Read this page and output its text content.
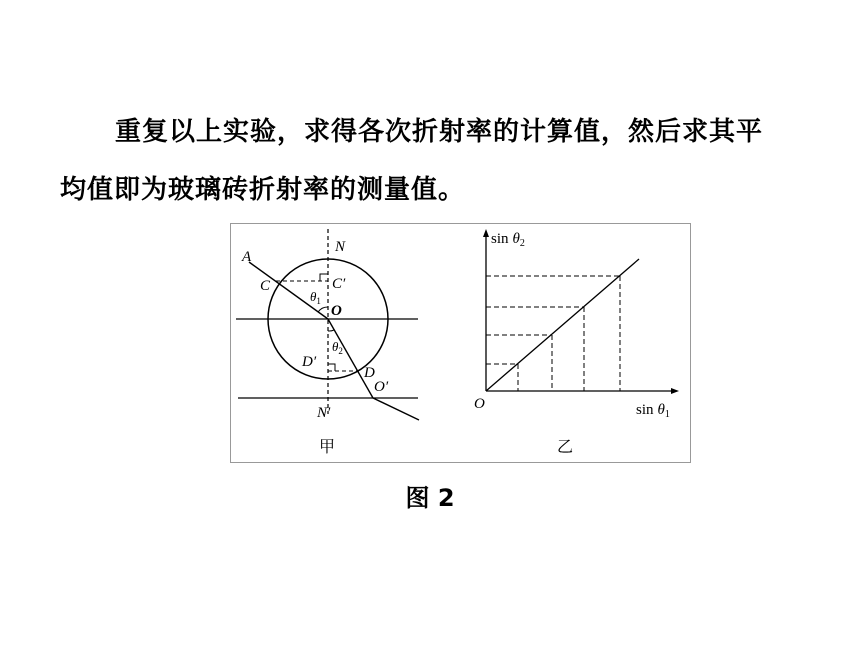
重复以上实验，求得各次折射率的计算值，然后求其平
均值即为玻璃砖折射率的测量值。
A
N
C	C′
$\theta_1$
O
$\theta_2$
D′
D
O′
N′
甲
$\sin \theta_2$
$\sin \theta_1$
O
乙
图 2
